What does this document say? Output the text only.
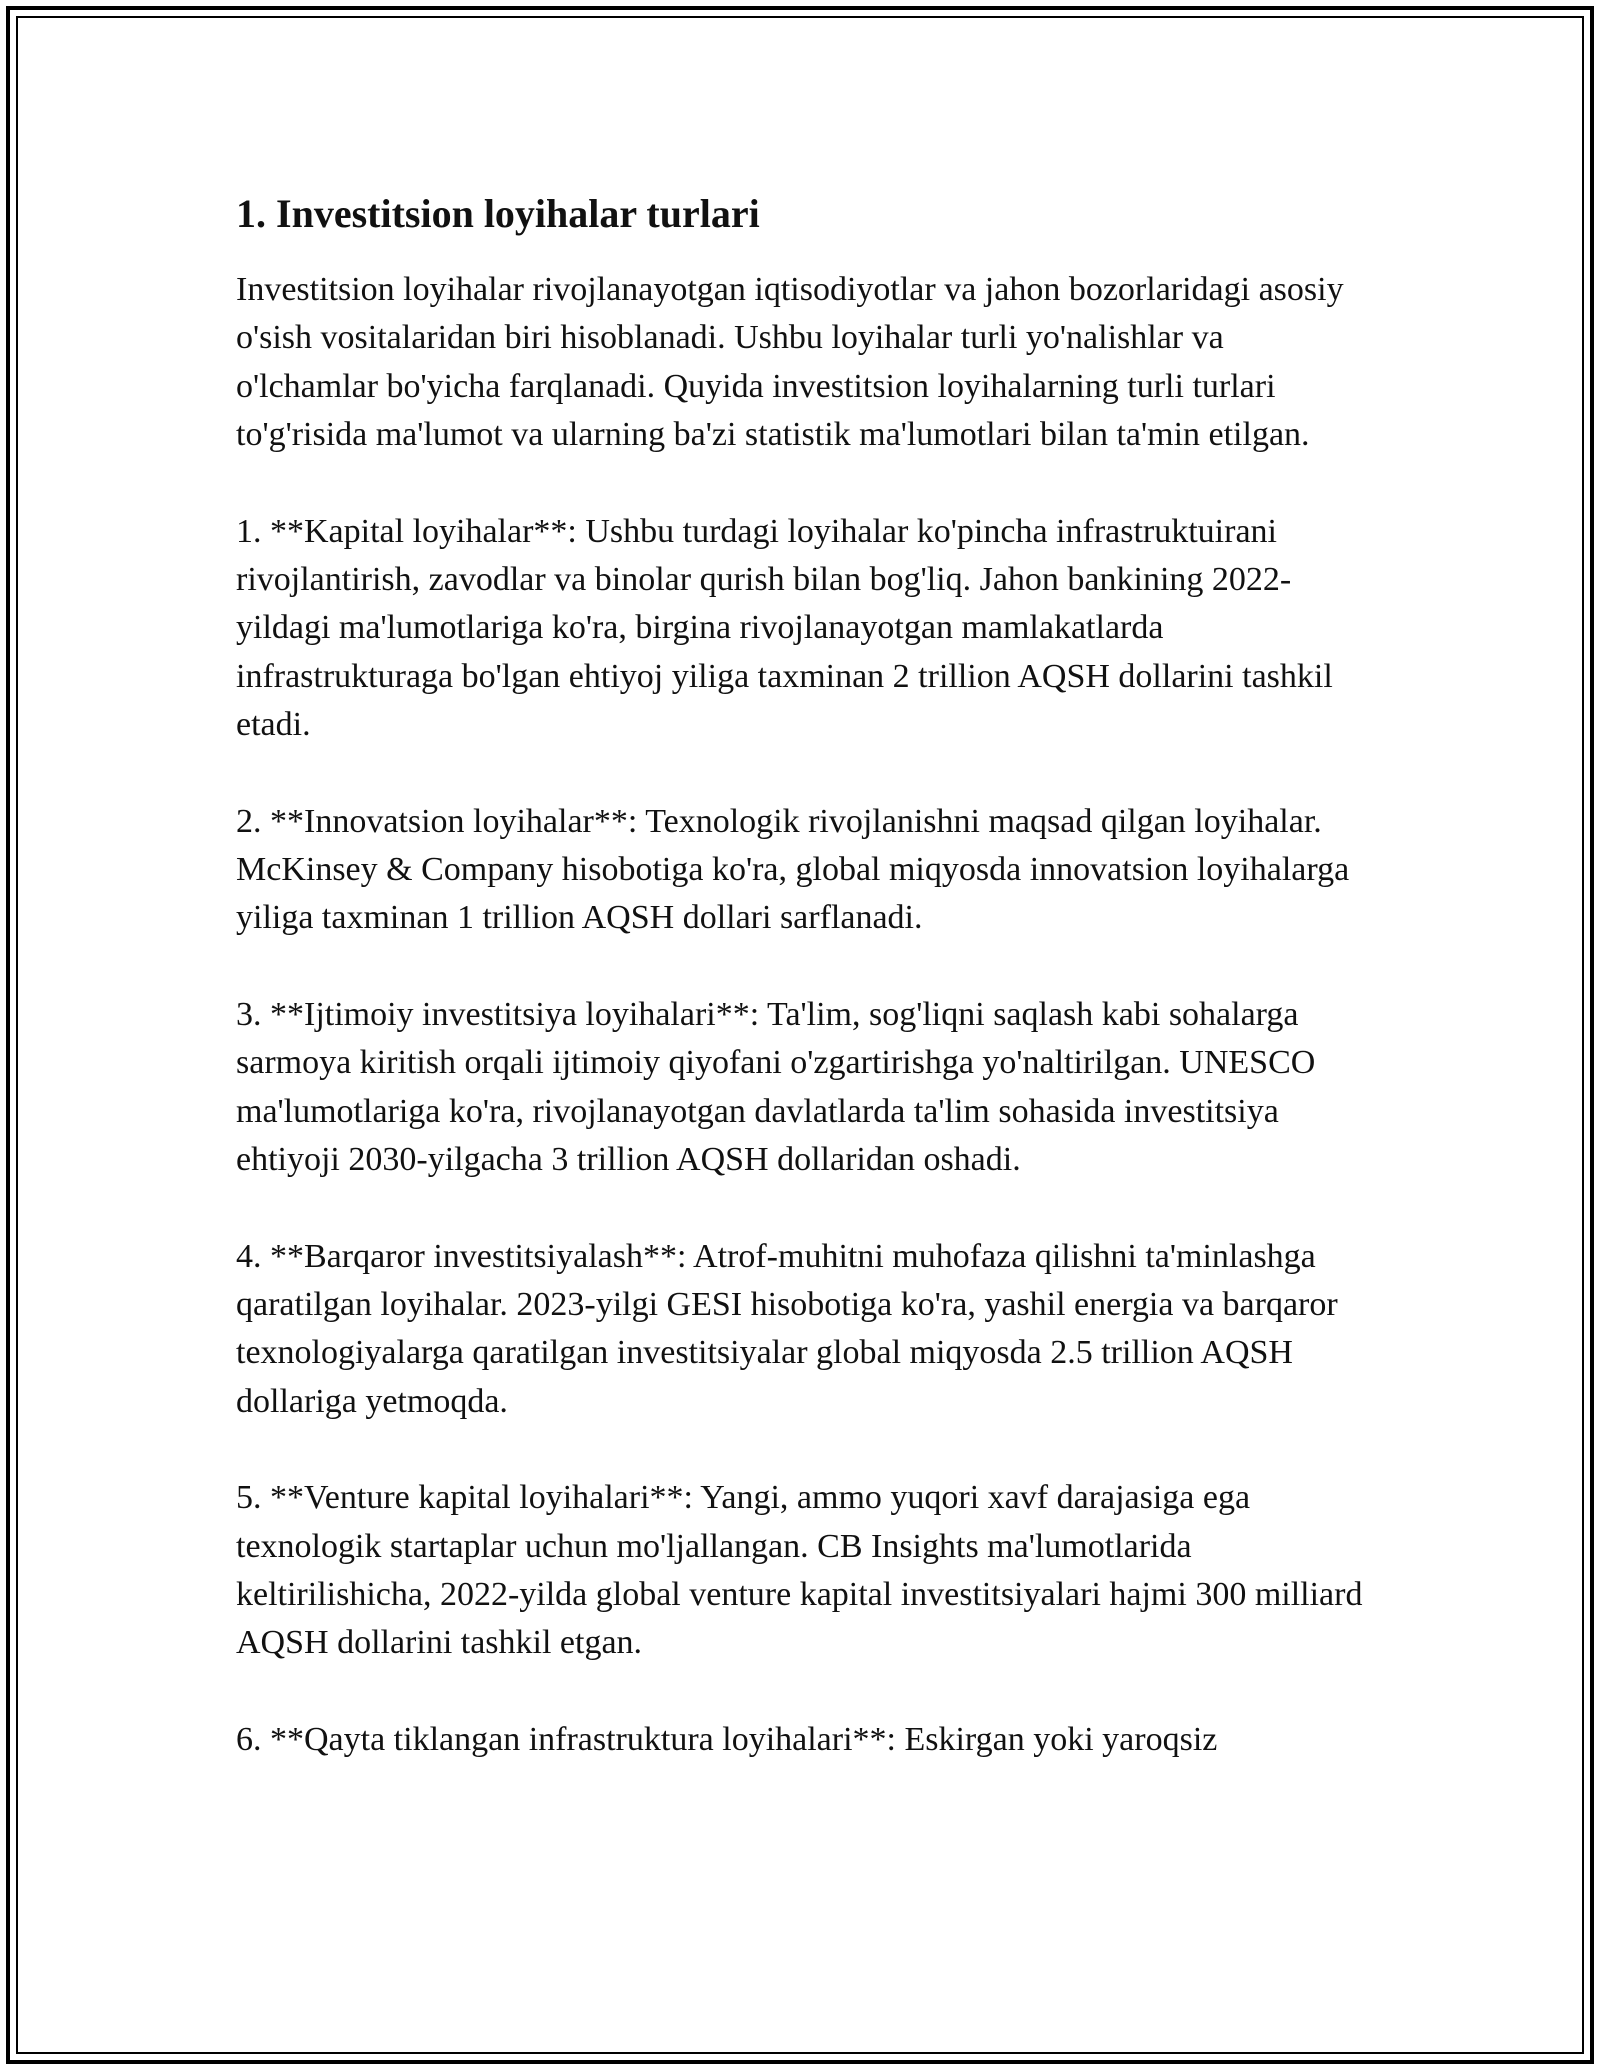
1. Investitsion loyihalar turlari

Investitsion loyihalar rivojlanayotgan iqtisodiyotlar va jahon bozorlaridagi asosiy o'sish vositalaridan biri hisoblanadi. Ushbu loyihalar turli yo'nalishlar va o'lchamlar bo'yicha farqlanadi. Quyida investitsion loyihalarning turli turlari to'g'risida ma'lumot va ularning ba'zi statistik ma'lumotlari bilan ta'min etilgan.

1. **Kapital loyihalar**: Ushbu turdagi loyihalar ko'pincha infrastruktuirani rivojlantirish, zavodlar va binolar qurish bilan bog'liq. Jahon bankining 2022-yildagi ma'lumotlariga ko'ra, birgina rivojlanayotgan mamlakatlarda infrastrukturaga bo'lgan ehtiyoj yiliga taxminan 2 trillion AQSH dollarini tashkil etadi.

2. **Innovatsion loyihalar**: Texnologik rivojlanishni maqsad qilgan loyihalar. McKinsey & Company hisobotiga ko'ra, global miqyosda innovatsion loyihalarga yiliga taxminan 1 trillion AQSH dollari sarflanadi.

3. **Ijtimoiy investitsiya loyihalari**: Ta'lim, sog'liqni saqlash kabi sohalarga sarmoya kiritish orqali ijtimoiy qiyofani o'zgartirishga yo'naltirilgan. UNESCO ma'lumotlariga ko'ra, rivojlanayotgan davlatlarda ta'lim sohasida investitsiya ehtiyoji 2030-yilgacha 3 trillion AQSH dollaridan oshadi.

4. **Barqaror investitsiyalash**: Atrof-muhitni muhofaza qilishni ta'minlashga qaratilgan loyihalar. 2023-yilgi GESI hisobotiga ko'ra, yashil energia va barqaror texnologiyalarga qaratilgan investitsiyalar global miqyosda 2.5 trillion AQSH dollariga yetmoqda.

5. **Venture kapital loyihalari**: Yangi, ammo yuqori xavf darajasiga ega texnologik startaplar uchun mo'ljallangan. CB Insights ma'lumotlarida keltirilishicha, 2022-yilda global venture kapital investitsiyalari hajmi 300 milliard AQSH dollarini tashkil etgan.

6. **Qayta tiklangan infrastruktura loyihalari**: Eskirgan yoki yaroqsiz
